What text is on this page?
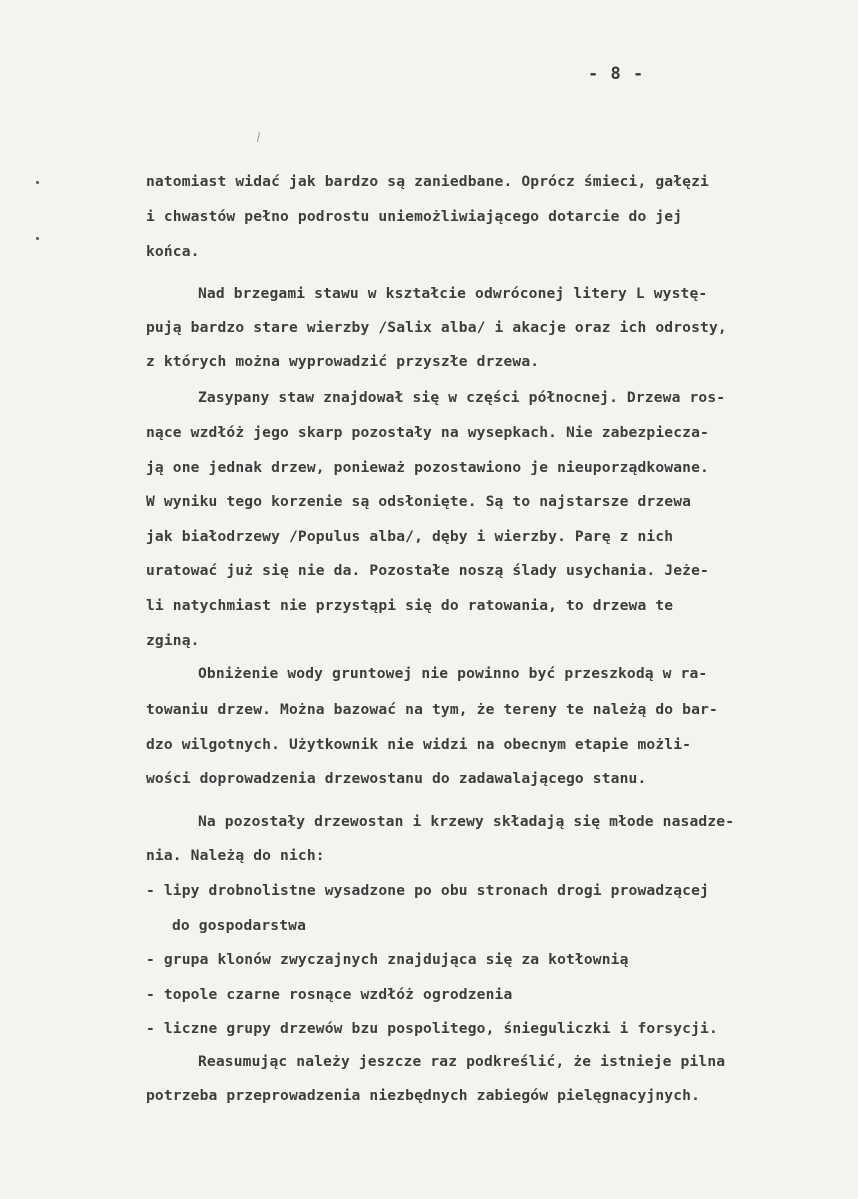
- 8 -
natomiast widać jak bardzo są zaniedbane. Oprócz śmieci, gałęzi
i chwastów pełno podrostu uniemożliwiającego dotarcie do jej
końca.
Nad brzegami stawu w kształcie odwróconej litery L wystę-
pują bardzo stare wierzby /Salix alba/ i akacje oraz ich odrosty,
z których można wyprowadzić przyszłe drzewa.
Zasypany staw znajdował się w części północnej. Drzewa ros-
nące wzdłóż jego skarp pozostały na wysepkach. Nie zabezpiecza-
ją one jednak drzew, ponieważ pozostawiono je nieuporządkowane.
W wyniku tego korzenie są odsłonięte. Są to najstarsze drzewa
jak białodrzewy /Populus alba/, dęby i wierzby. Parę z nich
uratować już się nie da. Pozostałe noszą ślady usychania. Jeże-
li natychmiast nie przystąpi się do ratowania, to drzewa te
zginą.
Obniżenie wody gruntowej nie powinno być przeszkodą w ra-
towaniu drzew. Można bazować na tym, że tereny te należą do bar-
dzo wilgotnych. Użytkownik nie widzi na obecnym etapie możli-
wości doprowadzenia drzewostanu do zadawalającego stanu.
Na pozostały drzewostan i krzewy składają się młode nasadze-
nia. Należą do nich:
- lipy drobnolistne wysadzone po obu stronach drogi prowadzącej
do gospodarstwa
- grupa klonów zwyczajnych znajdująca się za kotłownią
- topole czarne rosnące wzdłóż ogrodzenia
- liczne grupy drzewów bzu pospolitego, śnieguliczki i forsycji.
Reasumując należy jeszcze raz podkreślić, że istnieje pilna
potrzeba przeprowadzenia niezbędnych zabiegów pielęgnacyjnych.
